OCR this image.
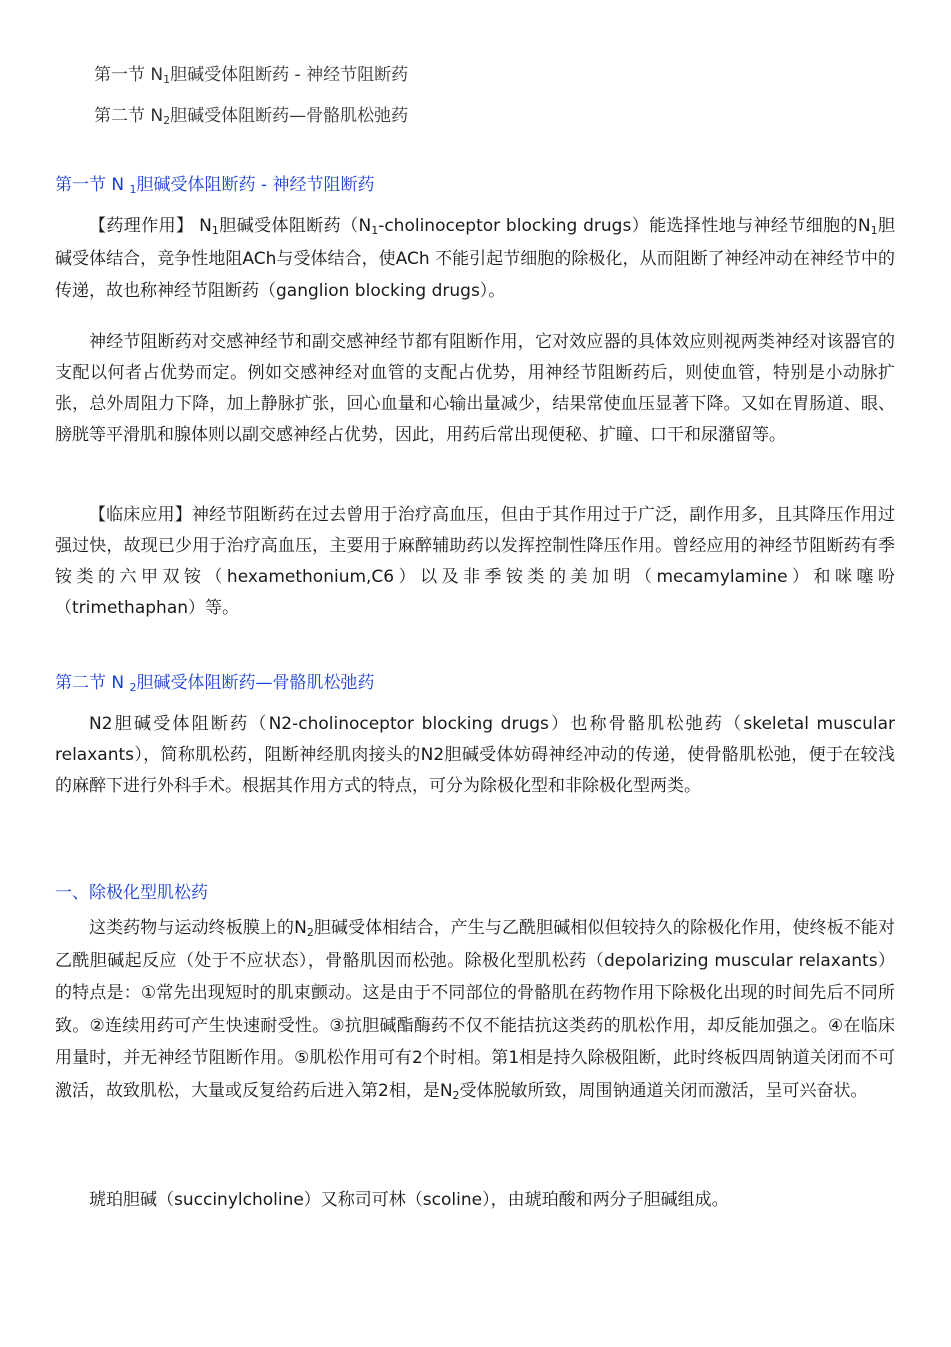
第一节 $N_1$胆碱受体阻断药 - 神经节阻断药
第二节 $N_2$胆碱受体阻断药—骨骼肌松弛药
第一节 N $_1$胆碱受体阻断药 - 神经节阻断药
【药理作用】 $N_1$胆碱受体阻断药（$N_1$-cholinoceptor blocking drugs）能选择性地与神经节细胞的$N_1$胆碱受体结合，竞争性地阻ACh与受体结合，使ACh 不能引起节细胞的除极化，从而阻断了神经冲动在神经节中的传递，故也称神经节阻断药（ganglion blocking drugs）。
神经节阻断药对交感神经节和副交感神经节都有阻断作用，它对效应器的具体效应则视两类神经对该器官的支配以何者占优势而定。例如交感神经对血管的支配占优势，用神经节阻断药后，则使血管，特别是小动脉扩张，总外周阻力下降，加上静脉扩张，回心血量和心输出量减少，结果常使血压显著下降。又如在胃肠道、眼、膀胱等平滑肌和腺体则以副交感神经占优势，因此，用药后常出现便秘、扩瞳、口干和尿潴留等。
【临床应用】神经节阻断药在过去曾用于治疗高血压，但由于其作用过于广泛，副作用多，且其降压作用过强过快，故现已少用于治疗高血压，主要用于麻醉辅助药以发挥控制性降压作用。曾经应用的神经节阻断药有季铵类的六甲双铵（hexamethonium,C6）以及非季铵类的美加明（mecamylamine）和咪噻吩（trimethaphan）等。
第二节 N $_2$胆碱受体阻断药—骨骼肌松弛药
N2胆碱受体阻断药（N2-cholinoceptor blocking drugs）也称骨骼肌松弛药（skeletal muscular relaxants），简称肌松药，阻断神经肌肉接头的N2胆碱受体妨碍神经冲动的传递，使骨骼肌松弛，便于在较浅的麻醉下进行外科手术。根据其作用方式的特点，可分为除极化型和非除极化型两类。
一、除极化型肌松药
这类药物与运动终板膜上的$N_2$胆碱受体相结合，产生与乙酰胆碱相似但较持久的除极化作用，使终板不能对乙酰胆碱起反应（处于不应状态），骨骼肌因而松弛。除极化型肌松药（depolarizing muscular relaxants）的特点是：①常先出现短时的肌束颤动。这是由于不同部位的骨骼肌在药物作用下除极化出现的时间先后不同所致。②连续用药可产生快速耐受性。③抗胆碱酯酶药不仅不能拮抗这类药的肌松作用，却反能加强之。④在临床用量时，并无神经节阻断作用。⑤肌松作用可有2个时相。第1相是持久除极阻断，此时终板四周钠道关闭而不可激活，故致肌松，大量或反复给药后进入第2相，是$N_2$受体脱敏所致，周围钠通道关闭而激活，呈可兴奋状。
琥珀胆碱（succinylcholine）又称司可林（scoline），由琥珀酸和两分子胆碱组成。
